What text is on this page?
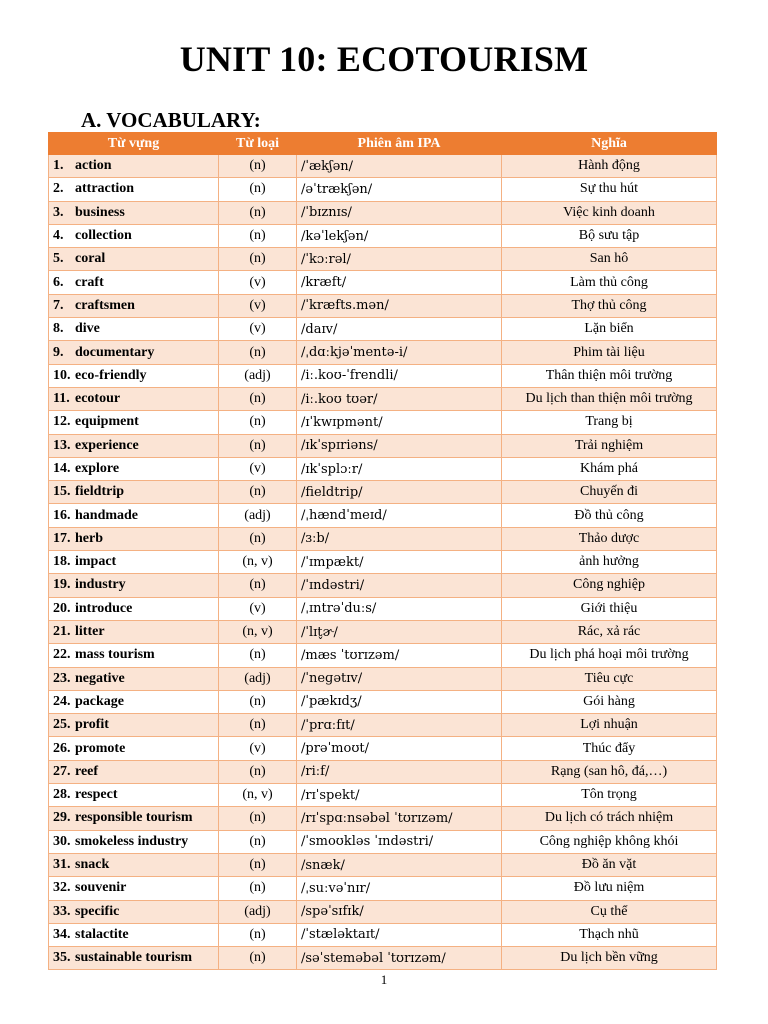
UNIT 10: ECOTOURISM
A. VOCABULARY:
Từ vựng	Từ loại	Phiên âm IPA	Nghĩa
1. action	(n)	/ˈækʃən/	Hành động
2. attraction	(n)	/əˈtrækʃən/	Sự thu hút
3. business	(n)	/ˈbɪznɪs/	Việc kinh doanh
4. collection	(n)	/kəˈlekʃən/	Bộ sưu tập
5. coral	(n)	/ˈkɔːrəl/	San hô
6. craft	(v)	/kræft/	Làm thủ công
7. craftsmen	(v)	/ˈkræfts.mən/	Thợ thủ công
8. dive	(v)	/daɪv/	Lặn biển
9. documentary	(n)	/ˌdɑːkjəˈmentə-i/	Phim tài liệu
10. eco-friendly	(adj)	/iː.koʊ-ˈfrendli/	Thân thiện môi trường
11. ecotour	(n)	/iː.koʊ tʊər/	Du lịch than thiện môi trường
12. equipment	(n)	/ɪˈkwɪpmənt/	Trang bị
13. experience	(n)	/ɪkˈspɪriəns/	Trải nghiệm
14. explore	(v)	/ɪkˈsplɔːr/	Khám phá
15. fieldtrip	(n)	/fieldtrip/	Chuyến đi
16. handmade	(adj)	/ˌhændˈmeɪd/	Đồ thủ công
17. herb	(n)	/ɜːb/	Thảo dược
18. impact	(n, v)	/ˈɪmpækt/	ảnh hưởng
19. industry	(n)	/ˈɪndəstri/	Công nghiệp
20. introduce	(v)	/ˌɪntrəˈduːs/	Giới thiệu
21. litter	(n, v)	/ˈlɪt̬ɚ/	Rác, xả rác
22. mass tourism	(n)	/mæs ˈtʊrɪzəm/	Du lịch phá hoại môi trường
23. negative	(adj)	/ˈneɡətɪv/	Tiêu cực
24. package	(n)	/ˈpækɪdʒ/	Gói hàng
25. profit	(n)	/ˈprɑːfɪt/	Lợi nhuận
26. promote	(v)	/prəˈmoʊt/	Thúc đẩy
27. reef	(n)	/riːf/	Rạng (san hô, đá,…)
28. respect	(n, v)	/rɪˈspekt/	Tôn trọng
29. responsible tourism	(n)	/rɪˈspɑːnsəbəl ˈtʊrɪzəm/	Du lịch có trách nhiệm
30. smokeless industry	(n)	/ˈsmoʊkləs ˈɪndəstri/	Công nghiệp không khói
31. snack	(n)	/snæk/	Đồ ăn vặt
32. souvenir	(n)	/ˌsuːvəˈnɪr/	Đồ lưu niệm
33. specific	(adj)	/spəˈsɪfɪk/	Cụ thể
34. stalactite	(n)	/ˈstæləktaɪt/	Thạch nhũ
35. sustainable tourism	(n)	/səˈsteməbəl ˈtʊrɪzəm/	Du lịch bền vững
1
